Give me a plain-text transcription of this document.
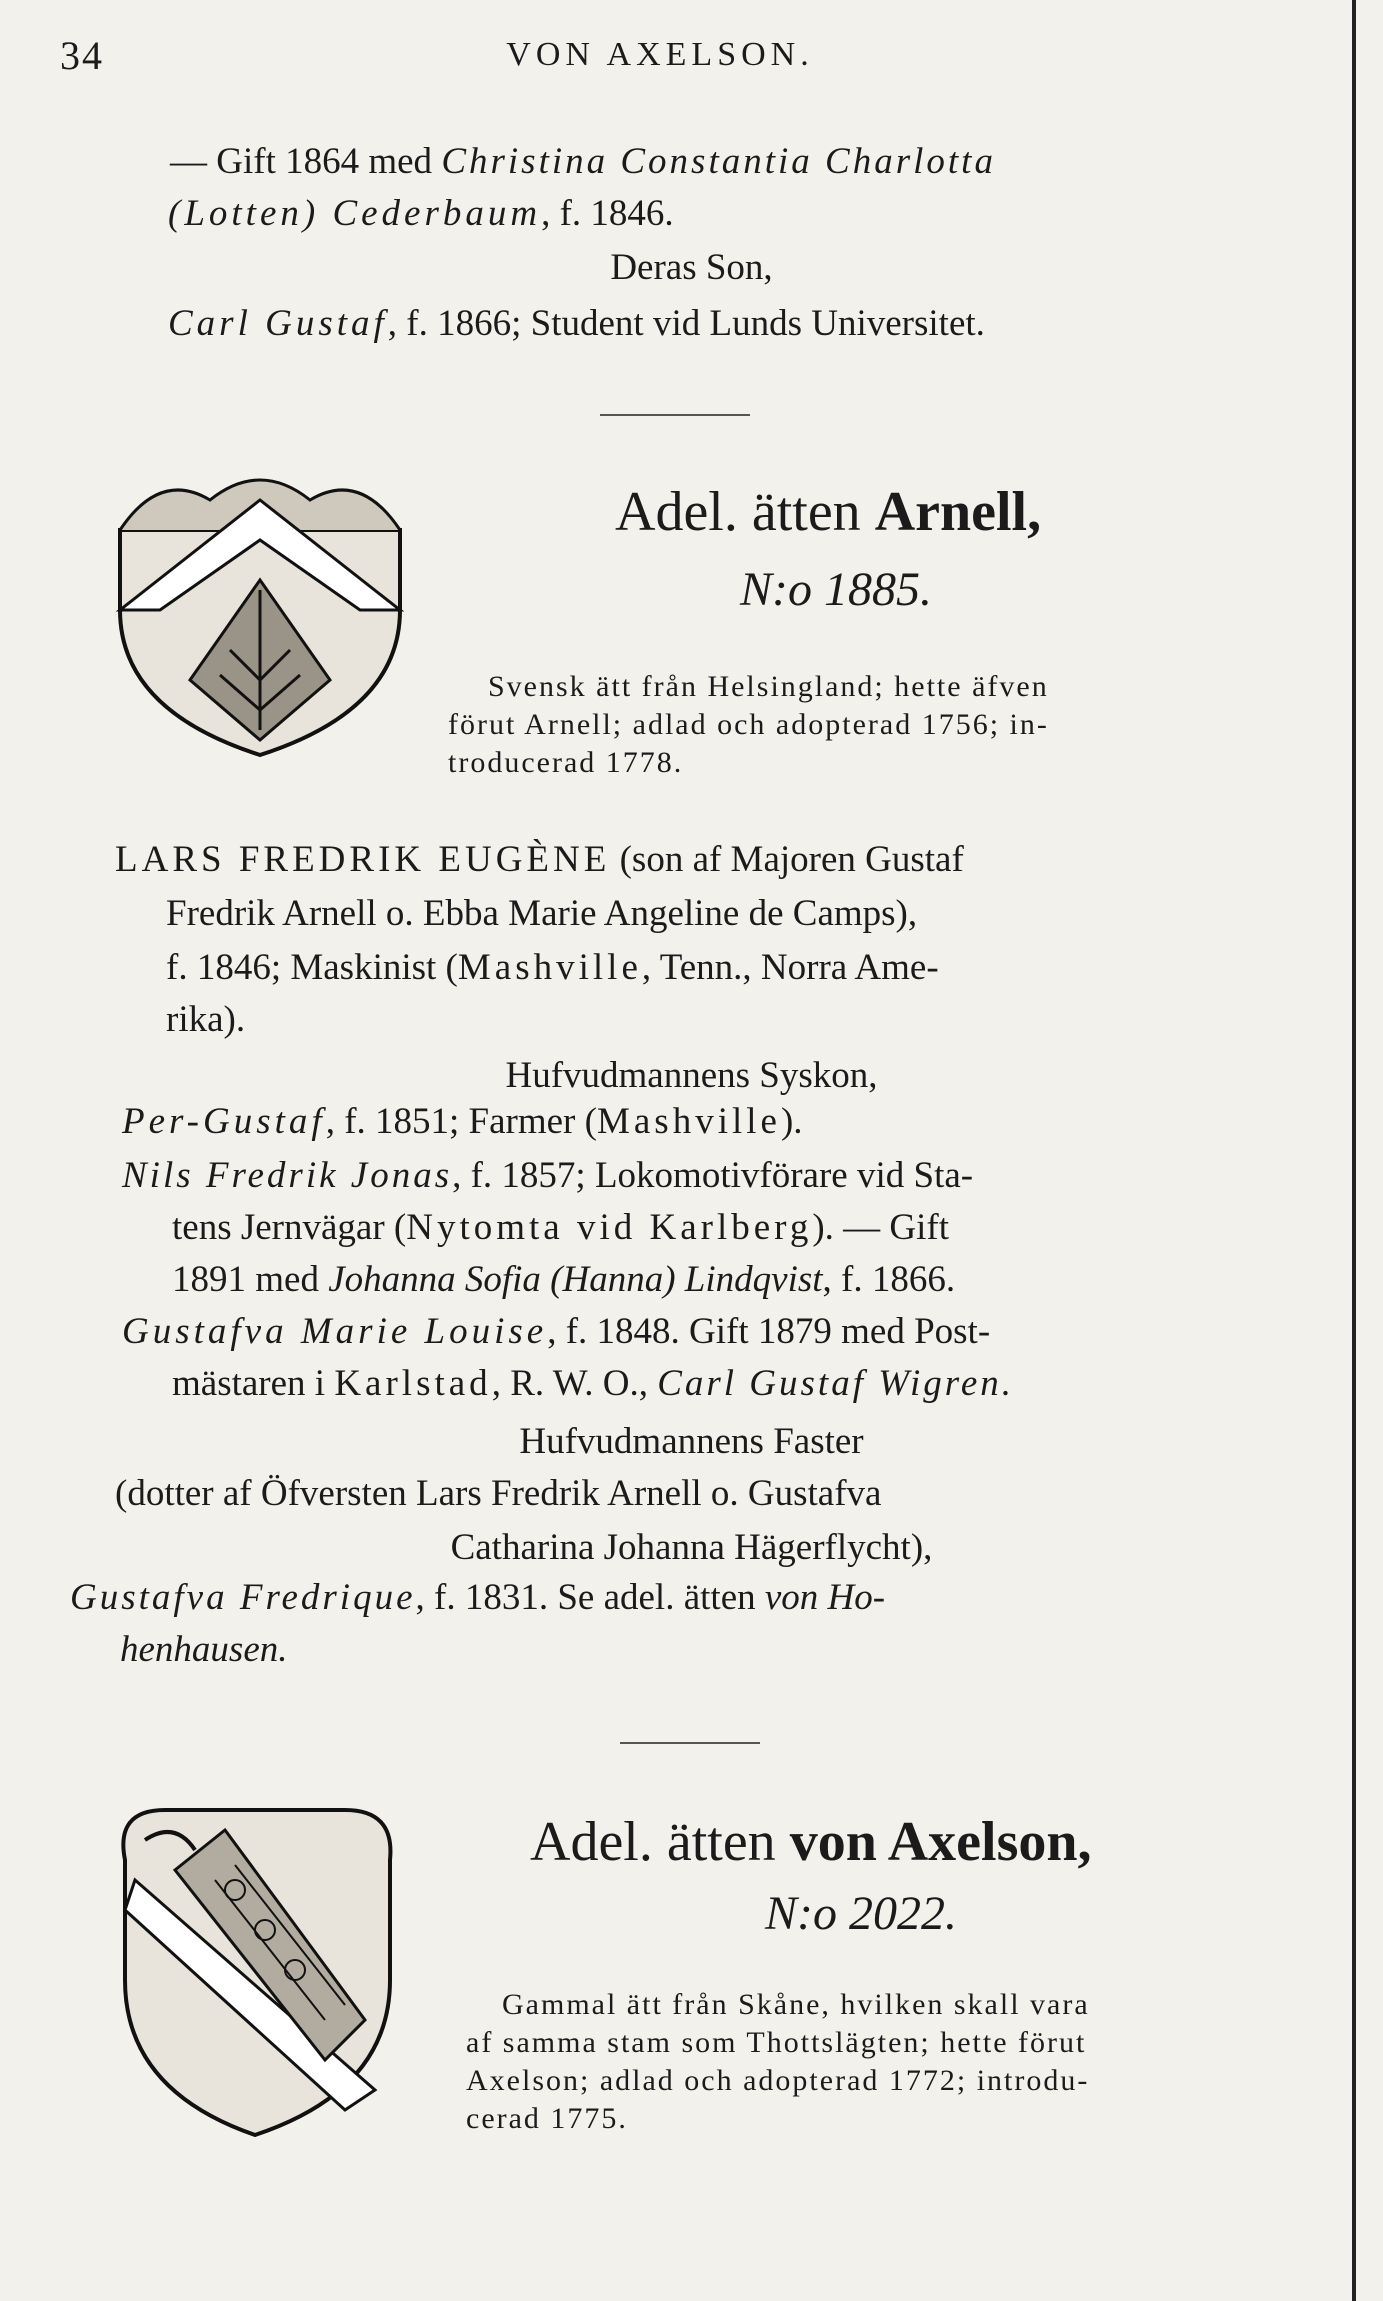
34	VON AXELSON.
— Gift 1864 med Christina Constantia Charlotta
(Lotten) Cederbaum, f. 1846.
Deras Son,
Carl Gustaf, f. 1866; Student vid Lunds Universitet.
Adel. ätten Arnell,
N:o 1885.
Svensk ätt från Helsingland; hette äfven
förut Arnell; adlad och adopterad 1756; in-
troducerad 1778.
LARS FREDRIK EUGÈNE (son af Majoren Gustaf
Fredrik Arnell o. Ebba Marie Angeline de Camps),
f. 1846; Maskinist (Mashville, Tenn., Norra Ame-
rika).
Hufvudmannens Syskon,
Per-Gustaf, f. 1851; Farmer (Mashville).
Nils Fredrik Jonas, f. 1857; Lokomotivförare vid Sta-
tens Jernvägar (Nytomta vid Karlberg). — Gift
1891 med Johanna Sofia (Hanna) Lindqvist, f. 1866.
Gustafva Marie Louise, f. 1848. Gift 1879 med Post-
mästaren i Karlstad, R. W. O., Carl Gustaf Wigren.
Hufvudmannens Faster
(dotter af Öfversten Lars Fredrik Arnell o. Gustafva
Catharina Johanna Hägerflycht),
Gustafva Fredrique, f. 1831. Se adel. ätten von Ho-
henhausen.
Adel. ätten von Axelson,
N:o 2022.
Gammal ätt från Skåne, hvilken skall vara
af samma stam som Thottslägten; hette förut
Axelson; adlad och adopterad 1772; introdu-
cerad 1775.
